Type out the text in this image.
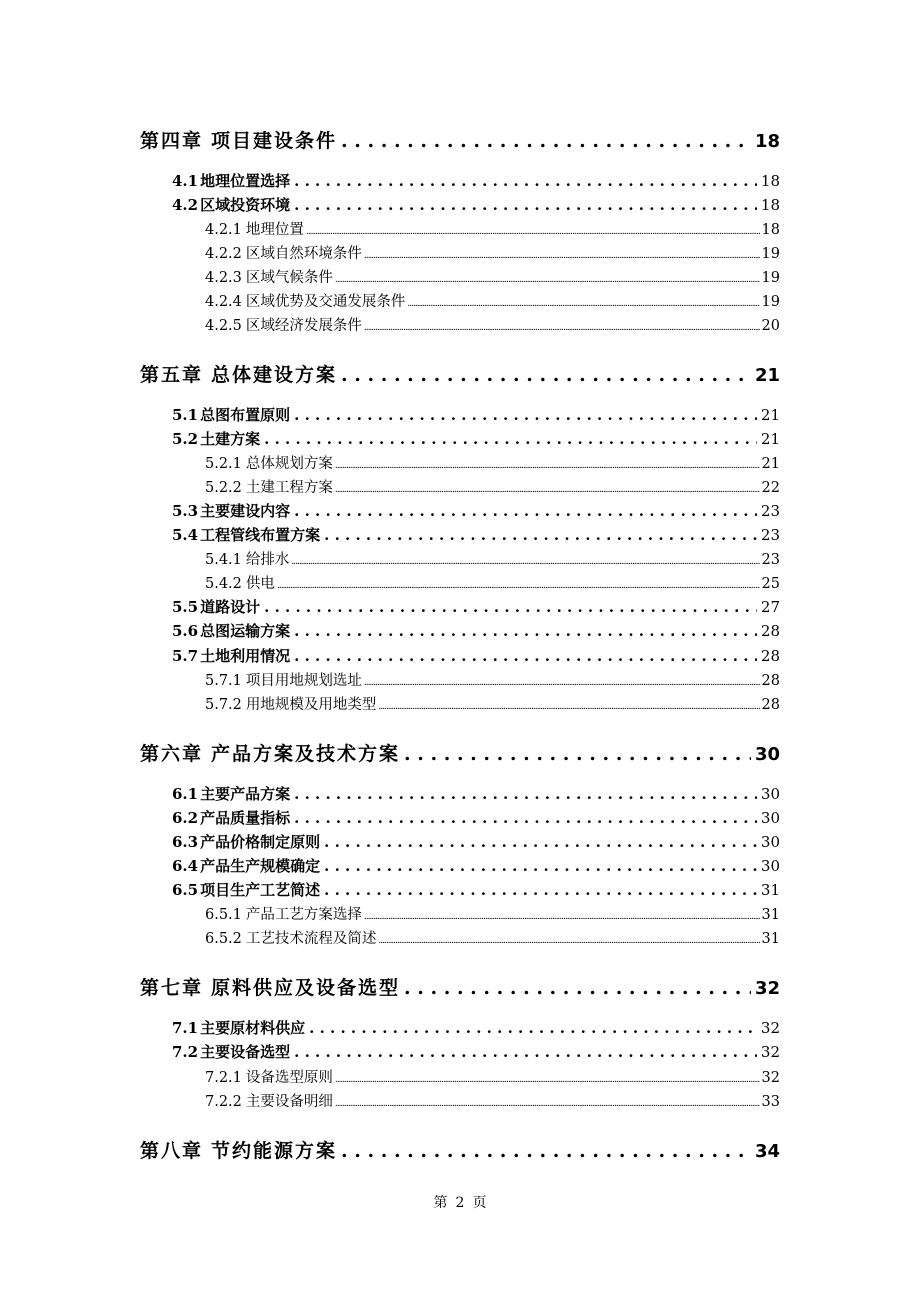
第四章 项目建设条件 . . .	18
4.1 地理位置选择 . . .	18
4.2 区域投资环境 . . .	18
4.2.1 地理位置 .....	18
4.2.2 区域自然环境条件 .....	19
4.2.3 区域气候条件 .....	19
4.2.4 区域优势及交通发展条件 .....	19
4.2.5 区域经济发展条件 .....	20
第五章 总体建设方案 . . .	21
5.1 总图布置原则 . . .	21
5.2 土建方案 . . .	21
5.2.1 总体规划方案 .....	21
5.2.2 土建工程方案 .....	22
5.3 主要建设内容 . . .	23
5.4 工程管线布置方案 . . .	23
5.4.1 给排水 .....	23
5.4.2 供电 .....	25
5.5 道路设计 . . .	27
5.6 总图运输方案 . . .	28
5.7 土地利用情况 . . .	28
5.7.1 项目用地规划选址 .....	28
5.7.2 用地规模及用地类型 .....	28
第六章 产品方案及技术方案 . . .	30
6.1 主要产品方案 . . .	30
6.2 产品质量指标 . . .	30
6.3 产品价格制定原则 . . .	30
6.4 产品生产规模确定 . . .	30
6.5 项目生产工艺简述 . . .	31
6.5.1 产品工艺方案选择 .....	31
6.5.2 工艺技术流程及简述 .....	31
第七章 原料供应及设备选型 . . .	32
7.1 主要原材料供应 . . .	32
7.2 主要设备选型 . . .	32
7.2.1 设备选型原则 .....	32
7.2.2 主要设备明细 .....	33
第八章 节约能源方案 . . .	34
第 2 页
